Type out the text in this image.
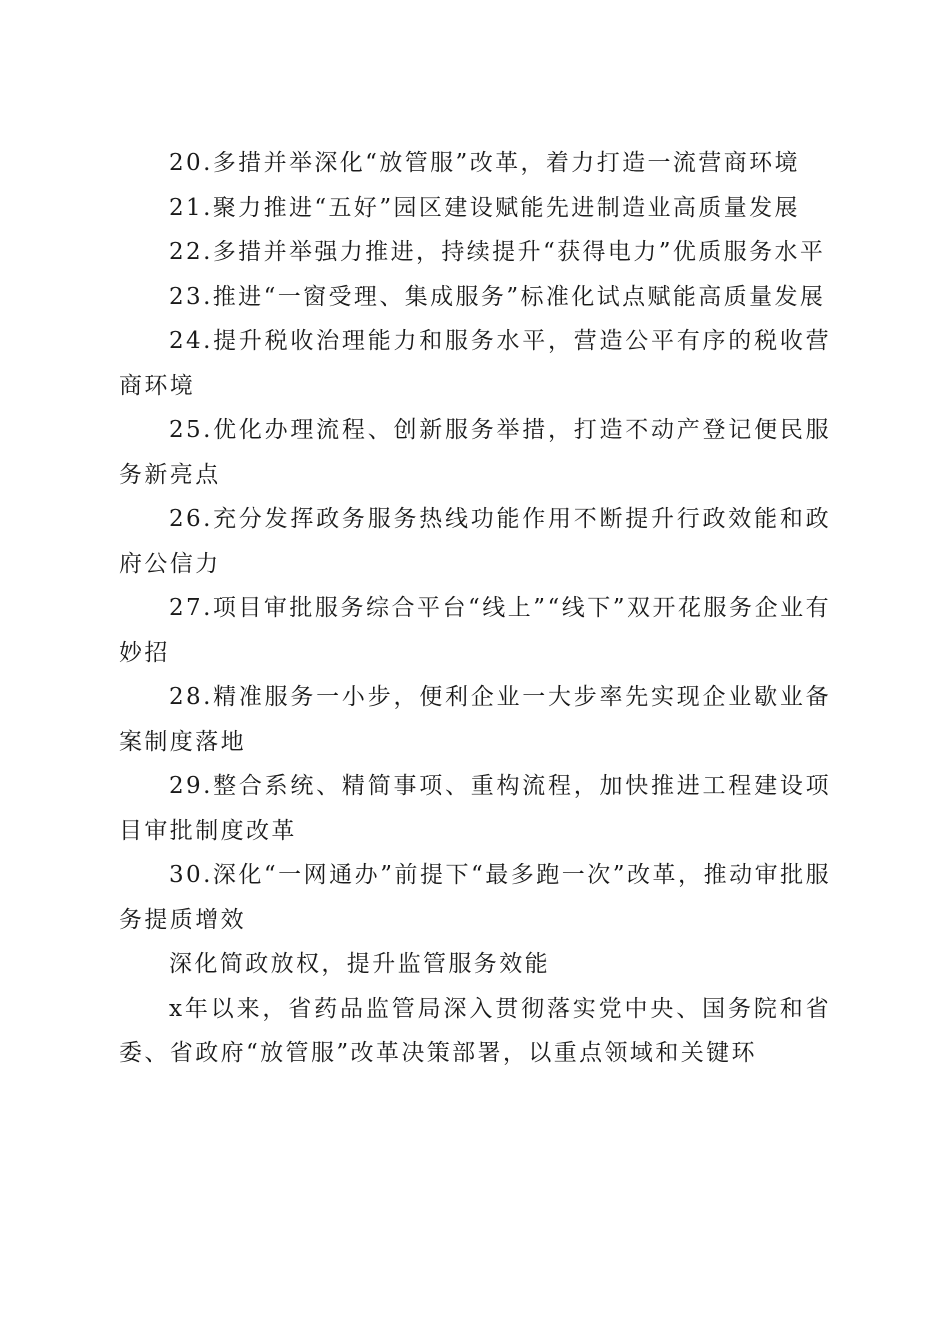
20.多措并举深化“放管服”改革，着力打造一流营商环境

21.聚力推进“五好”园区建设赋能先进制造业高质量发展

22.多措并举强力推进，持续提升“获得电力”优质服务水平

23.推进“一窗受理、集成服务”标准化试点赋能高质量发展

24.提升税收治理能力和服务水平，营造公平有序的税收营商环境

25.优化办理流程、创新服务举措，打造不动产登记便民服务新亮点

26.充分发挥政务服务热线功能作用不断提升行政效能和政府公信力

27.项目审批服务综合平台“线上”“线下”双开花服务企业有妙招

28.精准服务一小步，便利企业一大步率先实现企业歇业备案制度落地

29.整合系统、精简事项、重构流程，加快推进工程建设项目审批制度改革

30.深化“一网通办”前提下“最多跑一次”改革，推动审批服务提质增效

深化简政放权，提升监管服务效能

x年以来，省药品监管局深入贯彻落实党中央、国务院和省委、省政府“放管服”改革决策部署，以重点领域和关键环
